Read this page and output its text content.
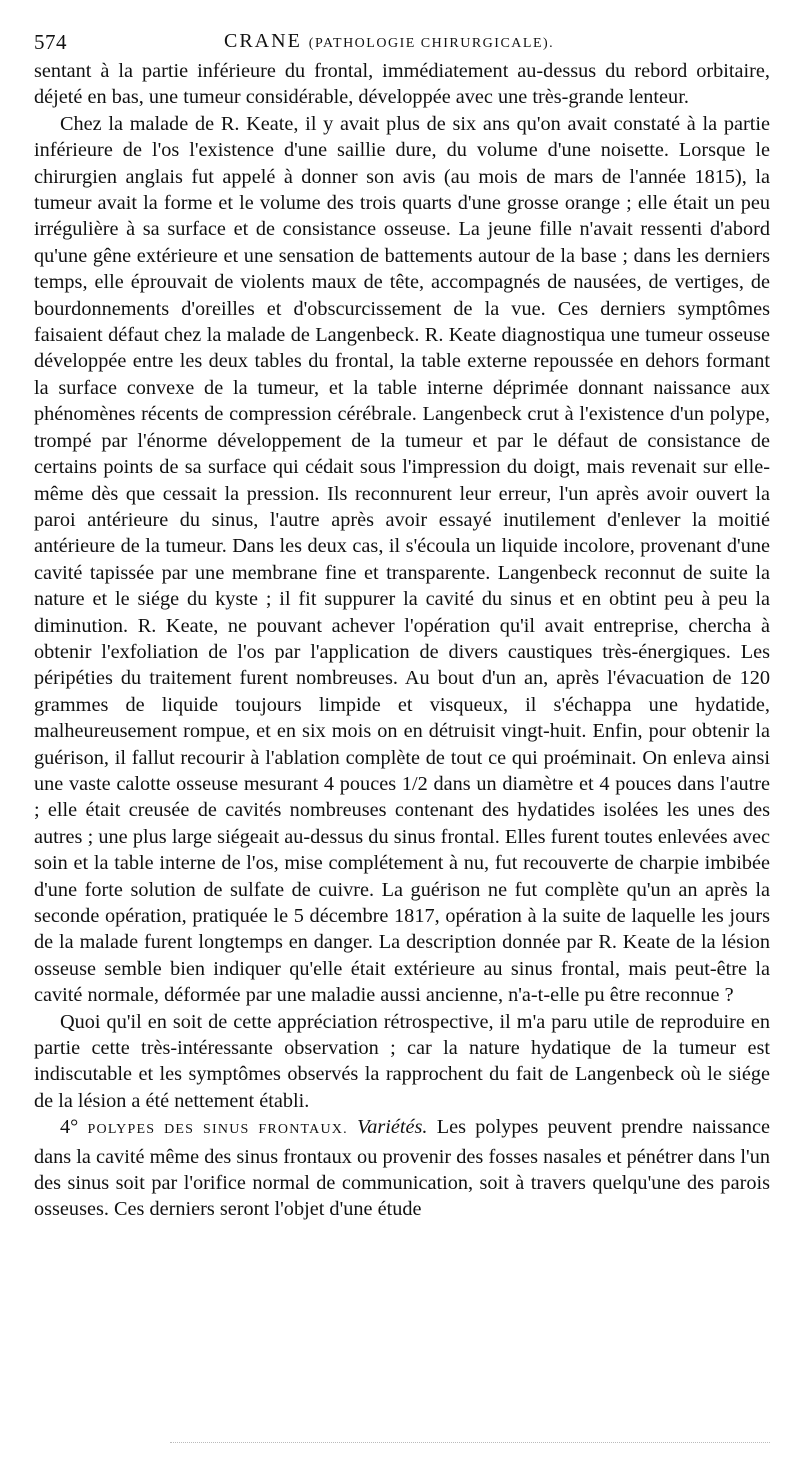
574	CRANE (PATHOLOGIE CHIRURGICALE).

sentant à la partie inférieure du frontal, immédiatement au-dessus du rebord orbitaire, déjeté en bas, une tumeur considérable, développée avec une très-grande lenteur.

Chez la malade de R. Keate, il y avait plus de six ans qu'on avait constaté à la partie inférieure de l'os l'existence d'une saillie dure, du volume d'une noisette. Lorsque le chirurgien anglais fut appelé à donner son avis (au mois de mars de l'année 1815), la tumeur avait la forme et le volume des trois quarts d'une grosse orange ; elle était un peu irrégulière à sa surface et de consistance osseuse. La jeune fille n'avait ressenti d'abord qu'une gêne extérieure et une sensation de battements autour de la base ; dans les derniers temps, elle éprouvait de violents maux de tête, accompagnés de nausées, de vertiges, de bourdonnements d'oreilles et d'obscurcissement de la vue. Ces derniers symptômes faisaient défaut chez la malade de Langenbeck. R. Keate diagnostiqua une tumeur osseuse développée entre les deux tables du frontal, la table externe repoussée en dehors formant la surface convexe de la tumeur, et la table interne déprimée donnant naissance aux phénomènes récents de compression cérébrale. Langenbeck crut à l'existence d'un polype, trompé par l'énorme développement de la tumeur et par le défaut de consistance de certains points de sa surface qui cédait sous l'impression du doigt, mais revenait sur elle-même dès que cessait la pression. Ils reconnurent leur erreur, l'un après avoir ouvert la paroi antérieure du sinus, l'autre après avoir essayé inutilement d'enlever la moitié antérieure de la tumeur. Dans les deux cas, il s'écoula un liquide incolore, provenant d'une cavité tapissée par une membrane fine et transparente. Langenbeck reconnut de suite la nature et le siége du kyste ; il fit suppurer la cavité du sinus et en obtint peu à peu la diminution. R. Keate, ne pouvant achever l'opération qu'il avait entreprise, chercha à obtenir l'exfoliation de l'os par l'application de divers caustiques très-énergiques. Les péripéties du traitement furent nombreuses. Au bout d'un an, après l'évacuation de 120 grammes de liquide toujours limpide et visqueux, il s'échappa une hydatide, malheureusement rompue, et en six mois on en détruisit vingt-huit. Enfin, pour obtenir la guérison, il fallut recourir à l'ablation complète de tout ce qui proéminait. On enleva ainsi une vaste calotte osseuse mesurant 4 pouces 1/2 dans un diamètre et 4 pouces dans l'autre ; elle était creusée de cavités nombreuses contenant des hydatides isolées les unes des autres ; une plus large siégeait au-dessus du sinus frontal. Elles furent toutes enlevées avec soin et la table interne de l'os, mise complétement à nu, fut recouverte de charpie imbibée d'une forte solution de sulfate de cuivre. La guérison ne fut complète qu'un an après la seconde opération, pratiquée le 5 décembre 1817, opération à la suite de laquelle les jours de la malade furent longtemps en danger. La description donnée par R. Keate de la lésion osseuse semble bien indiquer qu'elle était extérieure au sinus frontal, mais peut-être la cavité normale, déformée par une maladie aussi ancienne, n'a-t-elle pu être reconnue ?

Quoi qu'il en soit de cette appréciation rétrospective, il m'a paru utile de reproduire en partie cette très-intéressante observation ; car la nature hydatique de la tumeur est indiscutable et les symptômes observés la rapprochent du fait de Langenbeck où le siége de la lésion a été nettement établi.

4° POLYPES DES SINUS FRONTAUX. Variétés. Les polypes peuvent prendre naissance dans la cavité même des sinus frontaux ou provenir des fosses nasales et pénétrer dans l'un des sinus soit par l'orifice normal de communication, soit à travers quelqu'une des parois osseuses. Ces derniers seront l'objet d'une étude
